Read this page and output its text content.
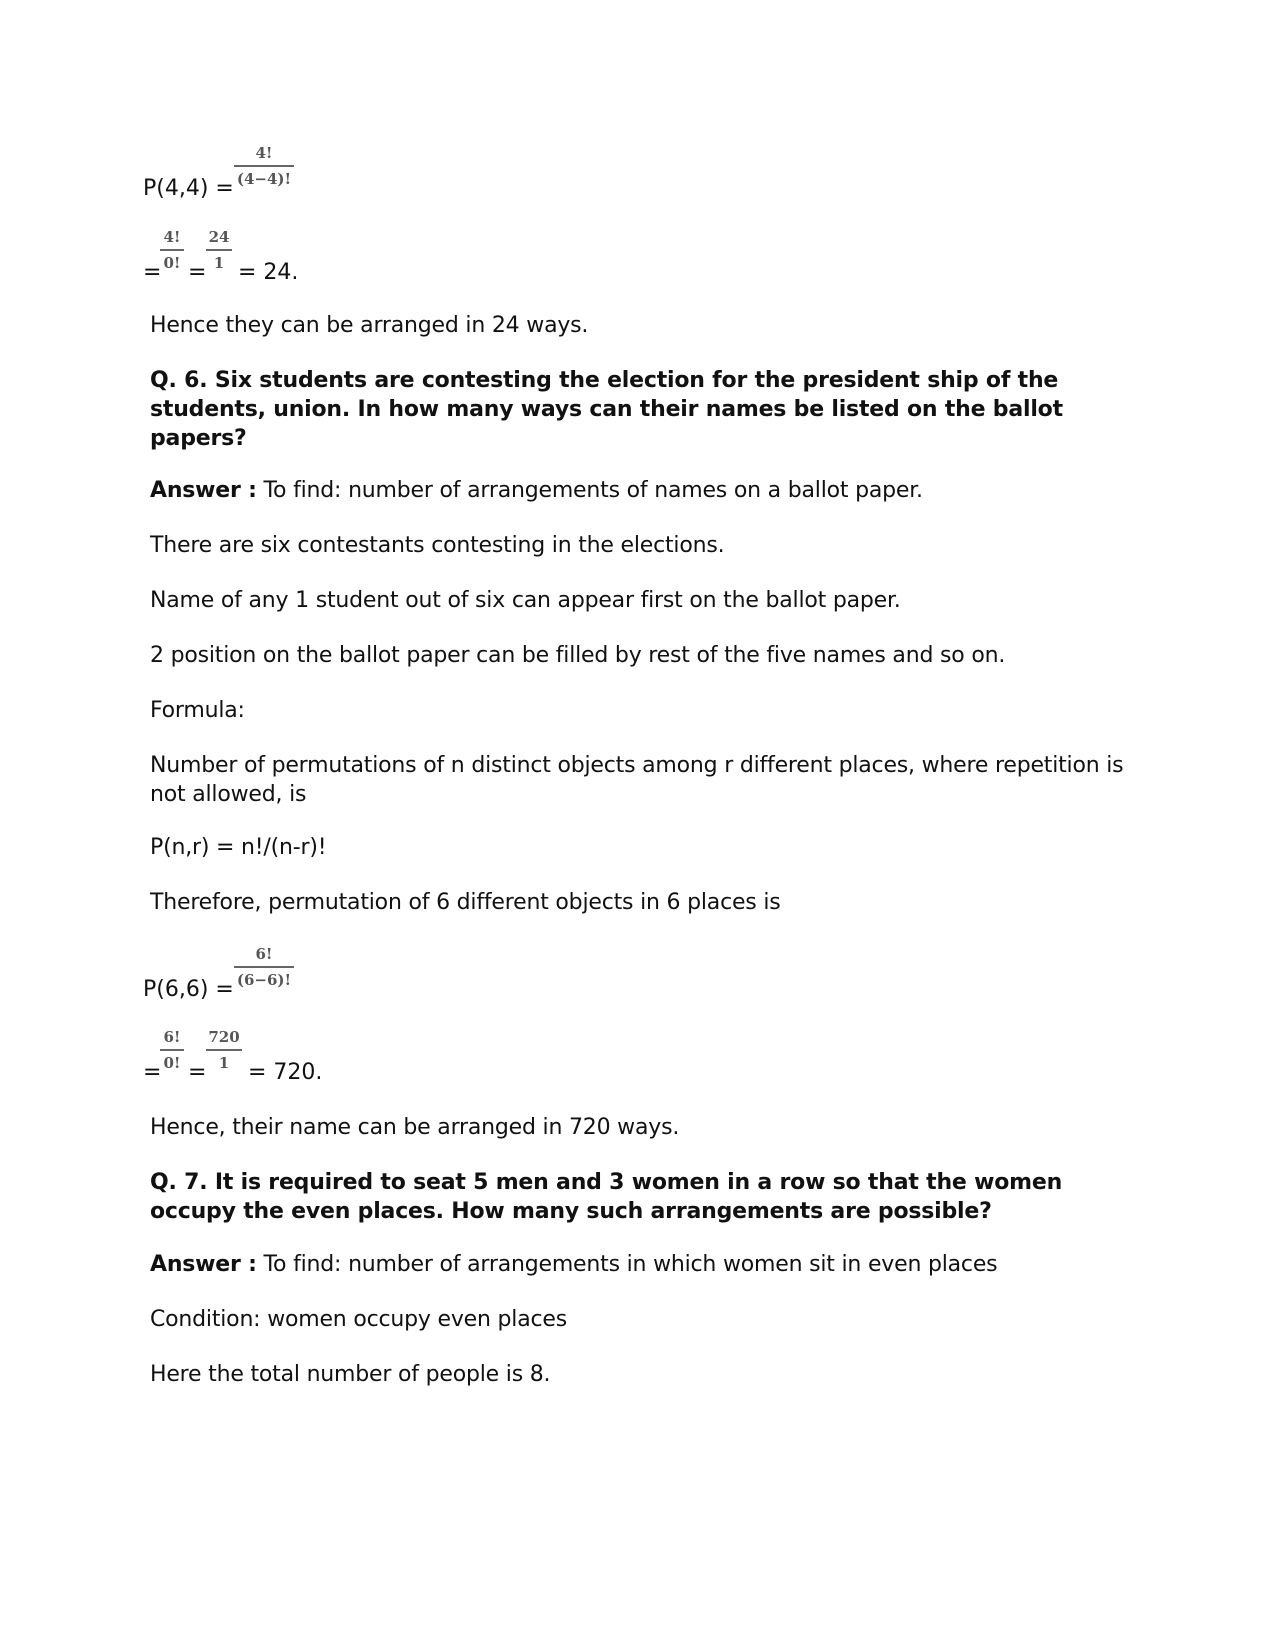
P(4,4) =
4!
(4−4)!
=
4!
0! =
24
1 = 24.

Hence they can be arranged in 24 ways.

Q. 6. Six students are contesting the election for the president ship of the students, union. In how many ways can their names be listed on the ballot papers?

Answer : To find: number of arrangements of names on a ballot paper.

There are six contestants contesting in the elections.

Name of any 1 student out of six can appear first on the ballot paper.

2 position on the ballot paper can be filled by rest of the five names and so on.

Formula:

Number of permutations of n distinct objects among r different places, where repetition is not allowed, is

P(n,r) = n!/(n-r)!

Therefore, permutation of 6 different objects in 6 places is

P(6,6) =
6!
(6−6)!
=
6!
0! =
720
1 = 720.

Hence, their name can be arranged in 720 ways.

Q. 7. It is required to seat 5 men and 3 women in a row so that the women occupy the even places. How many such arrangements are possible?

Answer : To find: number of arrangements in which women sit in even places

Condition: women occupy even places

Here the total number of people is 8.
